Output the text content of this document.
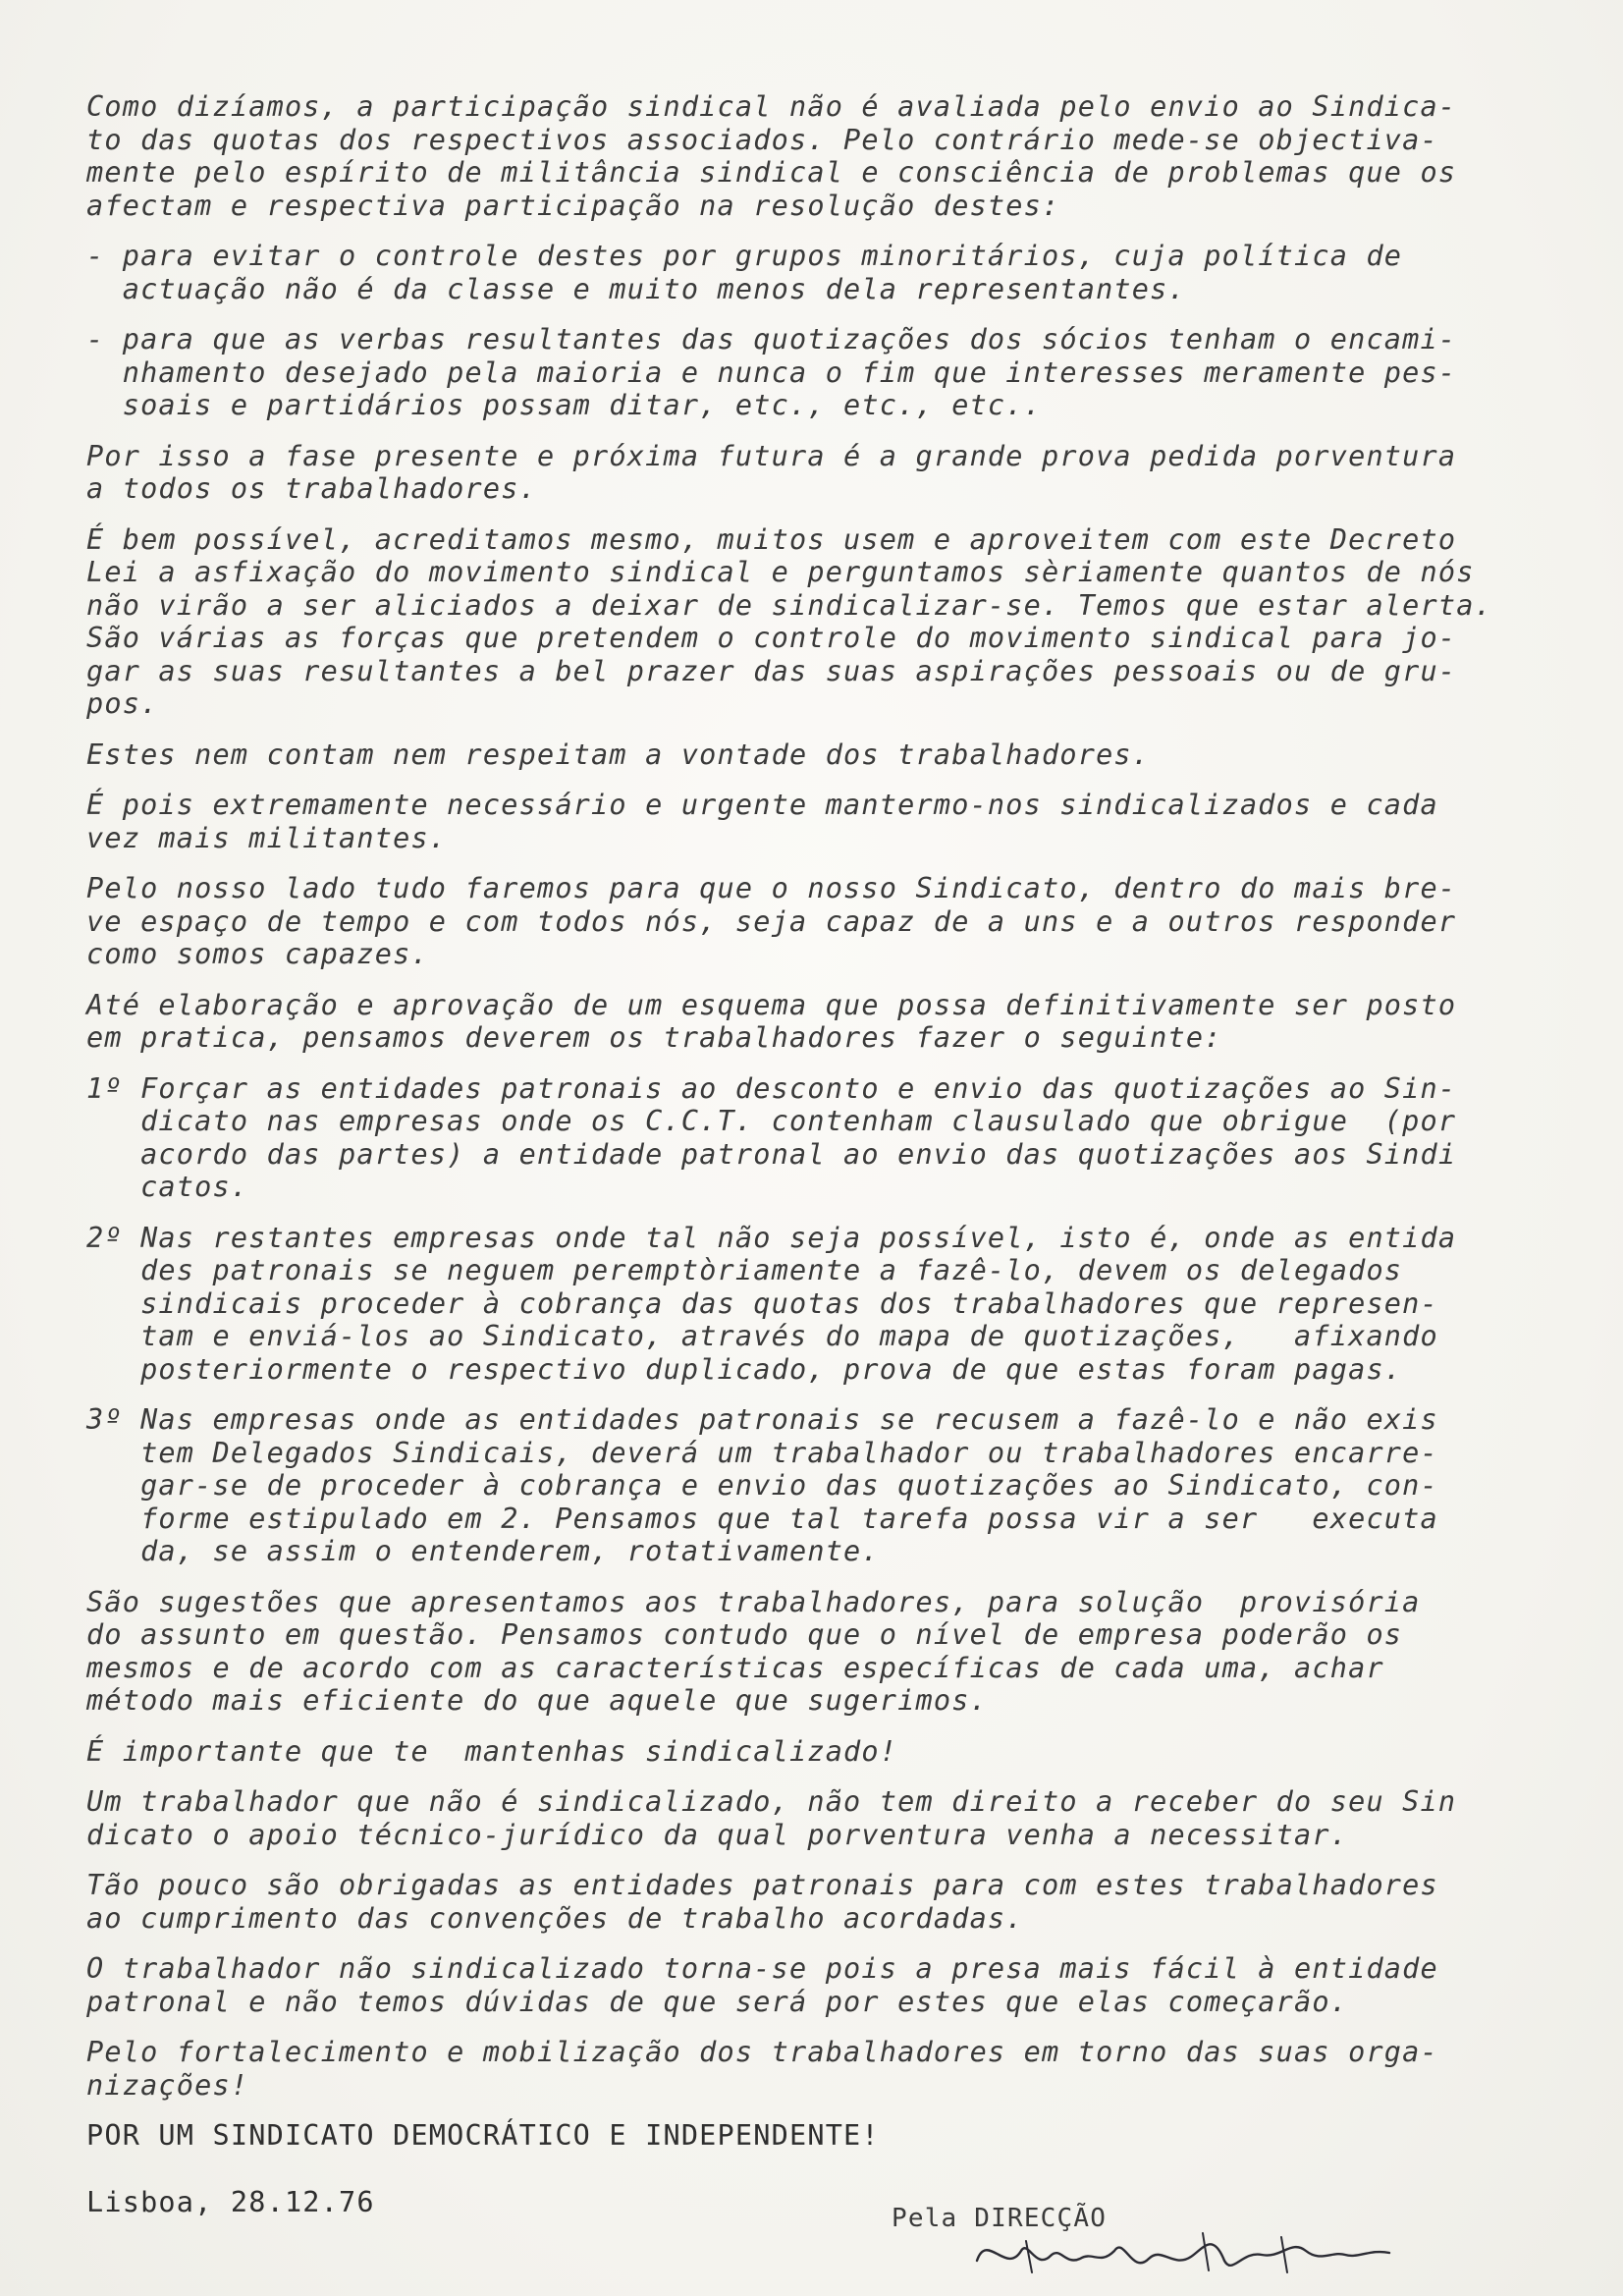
Como dizíamos, a participação sindical não é avaliada pelo envio ao Sindica-
to das quotas dos respectivos associados. Pelo contrário mede-se objectiva-
mente pelo espírito de militância sindical e consciência de problemas que os
afectam e respectiva participação na resolução destes:

- para evitar o controle destes por grupos minoritários, cuja política de
actuação não é da classe e muito menos dela representantes.

- para que as verbas resultantes das quotizações dos sócios tenham o encami-
nhamento desejado pela maioria e nunca o fim que interesses meramente pes-
soais e partidários possam ditar, etc., etc., etc..

Por isso a fase presente e próxima futura é a grande prova pedida porventura
a todos os trabalhadores.

É bem possível, acreditamos mesmo, muitos usem e aproveitem com este Decreto
Lei a asfixação do movimento sindical e perguntamos sèriamente quantos de nós
não virão a ser aliciados a deixar de sindicalizar-se. Temos que estar alerta.
São várias as forças que pretendem o controle do movimento sindical para jo-
gar as suas resultantes a bel prazer das suas aspirações pessoais ou de gru-
pos.

Estes nem contam nem respeitam a vontade dos trabalhadores.

É pois extremamente necessário e urgente mantermo-nos sindicalizados e cada
vez mais militantes.

Pelo nosso lado tudo faremos para que o nosso Sindicato, dentro do mais bre-
ve espaço de tempo e com todos nós, seja capaz de a uns e a outros responder
como somos capazes.

Até elaboração e aprovação de um esquema que possa definitivamente ser posto
em pratica, pensamos deverem os trabalhadores fazer o seguinte:

1º Forçar as entidades patronais ao desconto e envio das quotizações ao Sin-
dicato nas empresas onde os C.C.T. contenham clausulado que obrigue  (por
acordo das partes) a entidade patronal ao envio das quotizações aos Sindi
catos.

2º Nas restantes empresas onde tal não seja possível, isto é, onde as entida
des patronais se neguem peremptòriamente a fazê-lo, devem os delegados
sindicais proceder à cobrança das quotas dos trabalhadores que represen-
tam e enviá-los ao Sindicato, através do mapa de quotizações,   afixando
posteriormente o respectivo duplicado, prova de que estas foram pagas.

3º Nas empresas onde as entidades patronais se recusem a fazê-lo e não exis
tem Delegados Sindicais, deverá um trabalhador ou trabalhadores encarre-
gar-se de proceder à cobrança e envio das quotizações ao Sindicato, con-
forme estipulado em 2. Pensamos que tal tarefa possa vir a ser   executa
da, se assim o entenderem, rotativamente.

São sugestões que apresentamos aos trabalhadores, para solução  provisória
do assunto em questão. Pensamos contudo que o nível de empresa poderão os
mesmos e de acordo com as características específicas de cada uma, achar
método mais eficiente do que aquele que sugerimos.

É importante que te  mantenhas sindicalizado!

Um trabalhador que não é sindicalizado, não tem direito a receber do seu Sin
dicato o apoio técnico-jurídico da qual porventura venha a necessitar.

Tão pouco são obrigadas as entidades patronais para com estes trabalhadores
ao cumprimento das convenções de trabalho acordadas.

O trabalhador não sindicalizado torna-se pois a presa mais fácil à entidade
patronal e não temos dúvidas de que será por estes que elas começarão.

Pelo fortalecimento e mobilização dos trabalhadores em torno das suas orga-
nizações!

POR UM SINDICATO DEMOCRÁTICO E INDEPENDENTE!

Lisboa, 28.12.76	Pela DIRECÇÃO
